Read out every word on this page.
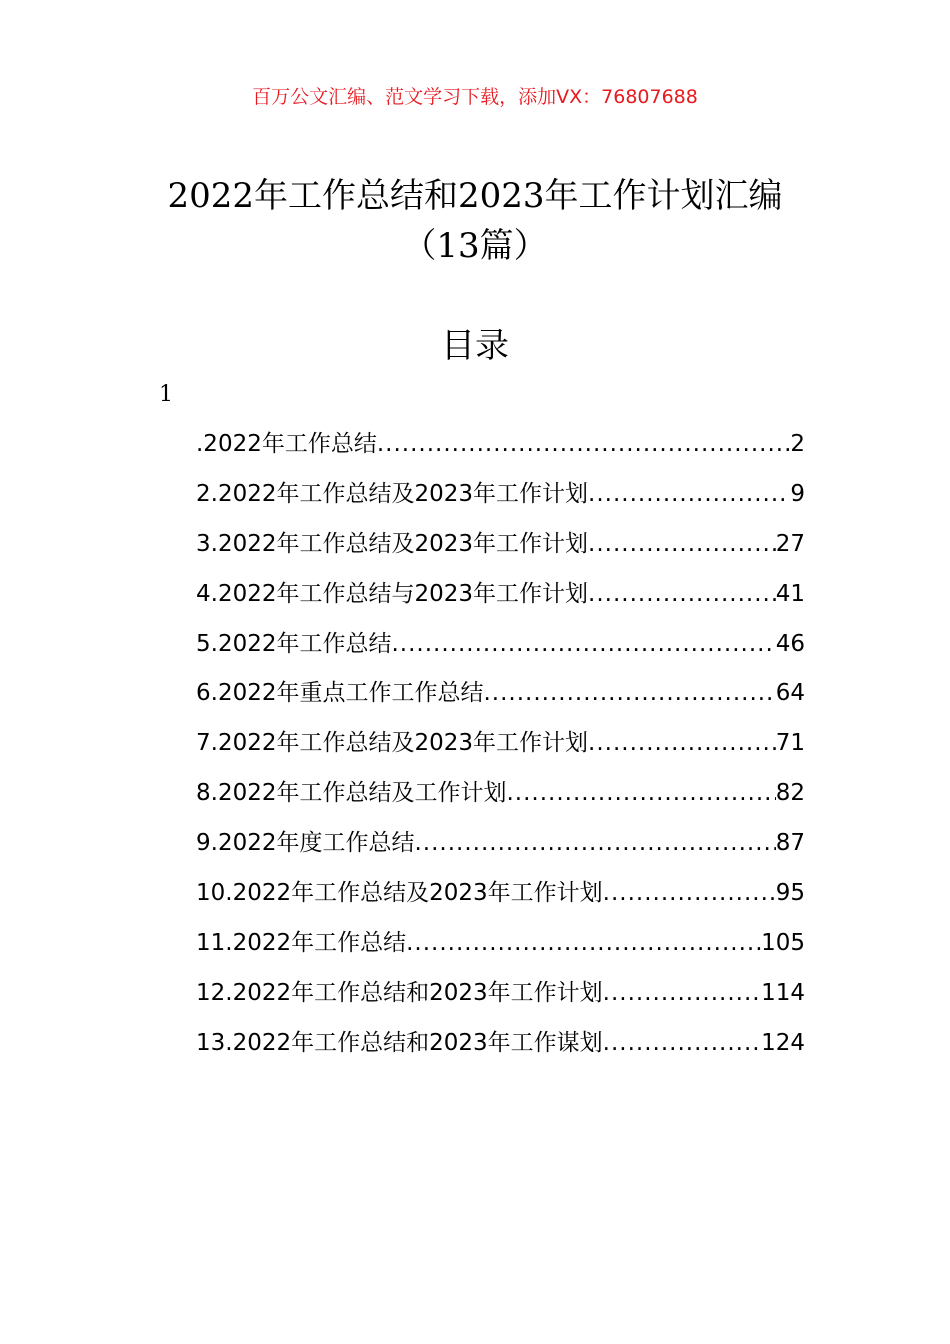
百万公文汇编、范文学习下载，添加VX：76807688
2022年工作总结和2023年工作计划汇编
（13篇）
目录
1
.2022年工作总结 .....	2
2.2022年工作总结及2023年工作计划 .....	9
3.2022年工作总结及2023年工作计划 .....	27
4.2022年工作总结与2023年工作计划 .....	41
5.2022年工作总结 .....	46
6.2022年重点工作工作总结 .....	64
7.2022年工作总结及2023年工作计划 .....	71
8.2022年工作总结及工作计划 .....	82
9.2022年度工作总结 .....	87
10.2022年工作总结及2023年工作计划 .....	95
11.2022年工作总结 .....	105
12.2022年工作总结和2023年工作计划 .....	114
13.2022年工作总结和2023年工作谋划 .....	124
